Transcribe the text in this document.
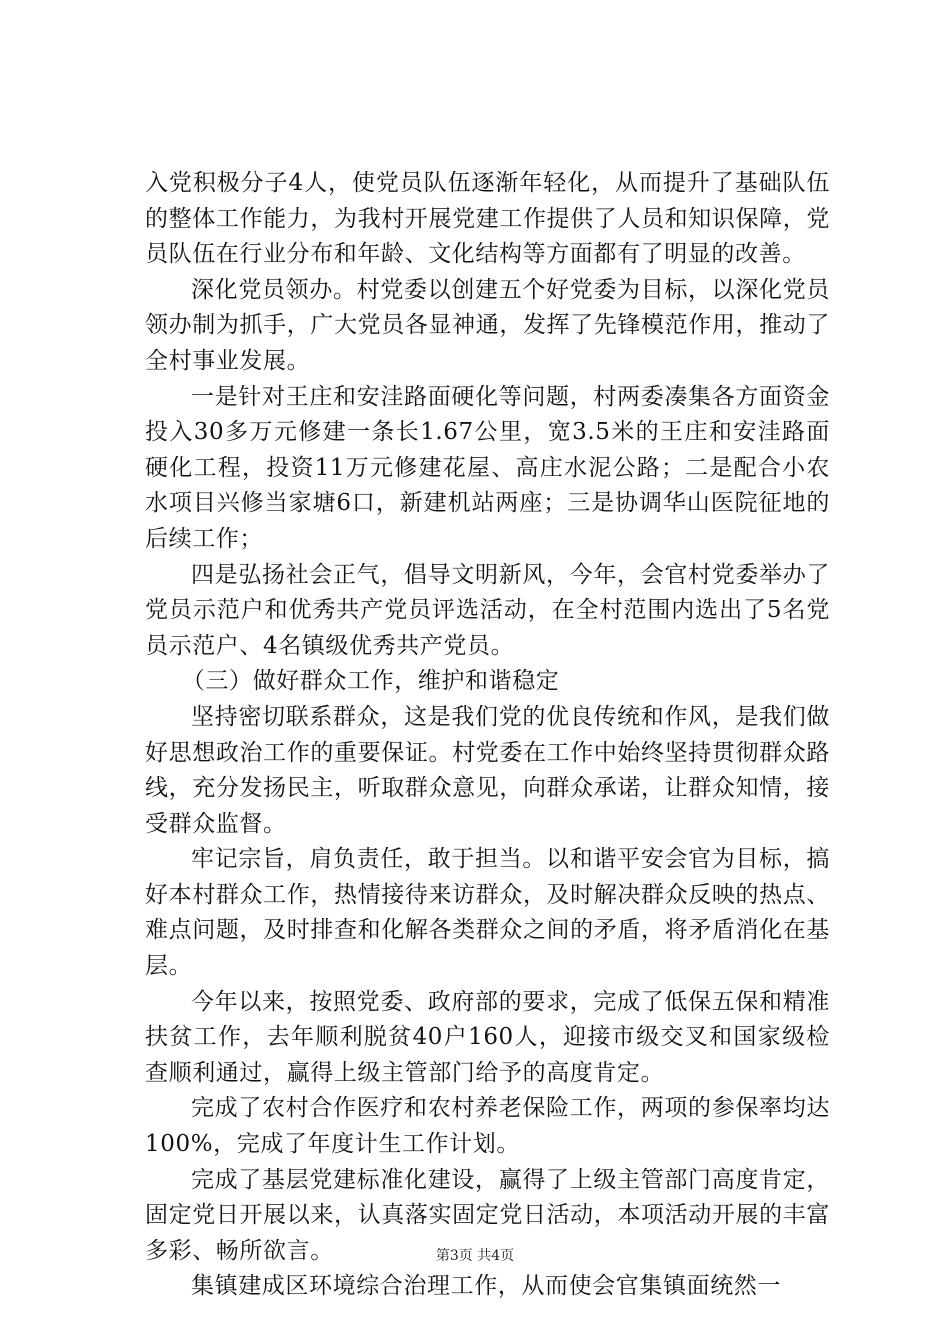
入党积极分子4人，使党员队伍逐渐年轻化，从而提升了基础队伍的整体工作能力，为我村开展党建工作提供了人员和知识保障，党员队伍在行业分布和年龄、文化结构等方面都有了明显的改善。

深化党员领办。村党委以创建五个好党委为目标，以深化党员领办制为抓手，广大党员各显神通，发挥了先锋模范作用，推动了全村事业发展。

一是针对王庄和安洼路面硬化等问题，村两委凑集各方面资金投入30多万元修建一条长1.67公里，宽3.5米的王庄和安洼路面硬化工程，投资11万元修建花屋、高庄水泥公路；二是配合小农水项目兴修当家塘6口，新建机站两座；三是协调华山医院征地的后续工作；

四是弘扬社会正气，倡导文明新风，今年，会官村党委举办了党员示范户和优秀共产党员评选活动，在全村范围内选出了5名党员示范户、4名镇级优秀共产党员。

（三）做好群众工作，维护和谐稳定

坚持密切联系群众，这是我们党的优良传统和作风，是我们做好思想政治工作的重要保证。村党委在工作中始终坚持贯彻群众路线，充分发扬民主，听取群众意见，向群众承诺，让群众知情，接受群众监督。

牢记宗旨，肩负责任，敢于担当。以和谐平安会官为目标，搞好本村群众工作，热情接待来访群众，及时解决群众反映的热点、难点问题，及时排查和化解各类群众之间的矛盾，将矛盾消化在基层。

今年以来，按照党委、政府部的要求，完成了低保五保和精准扶贫工作，去年顺利脱贫40户160人，迎接市级交叉和国家级检查顺利通过，赢得上级主管部门给予的高度肯定。

完成了农村合作医疗和农村养老保险工作，两项的参保率均达100%，完成了年度计生工作计划。

完成了基层党建标准化建设，赢得了上级主管部门高度肯定，固定党日开展以来，认真落实固定党日活动，本项活动开展的丰富多彩、畅所欲言。

集镇建成区环境综合治理工作，从而使会官集镇面统然一

第3页 共4页
